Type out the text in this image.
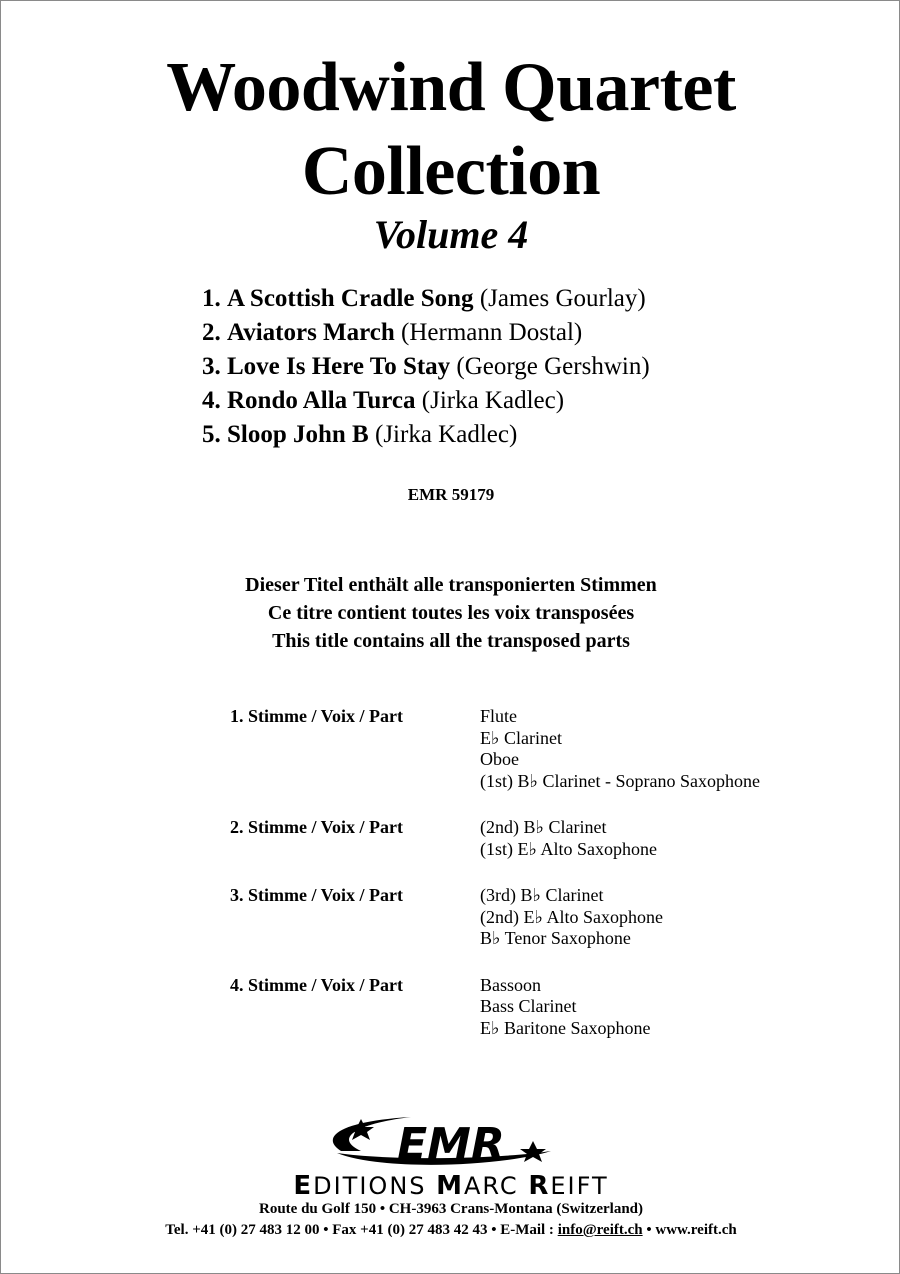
Woodwind Quartet
Collection
Volume 4
1. A Scottish Cradle Song (James Gourlay)
2. Aviators March (Hermann Dostal)
3. Love Is Here To Stay (George Gershwin)
4. Rondo Alla Turca (Jirka Kadlec)
5. Sloop John B (Jirka Kadlec)
EMR 59179
Dieser Titel enthält alle transponierten Stimmen
Ce titre contient toutes les voix transposées
This title contains all the transposed parts
1. Stimme / Voix / Part	Flute
E♭ Clarinet
Oboe
(1st) B♭ Clarinet - Soprano Saxophone
2. Stimme / Voix / Part	(2nd) B♭ Clarinet
(1st) E♭ Alto Saxophone
3. Stimme / Voix / Part	(3rd) B♭ Clarinet
(2nd) E♭ Alto Saxophone
B♭ Tenor Saxophone
4. Stimme / Voix / Part	Bassoon
Bass Clarinet
E♭ Baritone Saxophone
EMR
EDITIONS MARC REIFT
Route du Golf 150 • CH-3963 Crans-Montana (Switzerland)
Tel. +41 (0) 27 483 12 00 • Fax +41 (0) 27 483 42 43 • E-Mail : info@reift.ch • www.reift.ch
